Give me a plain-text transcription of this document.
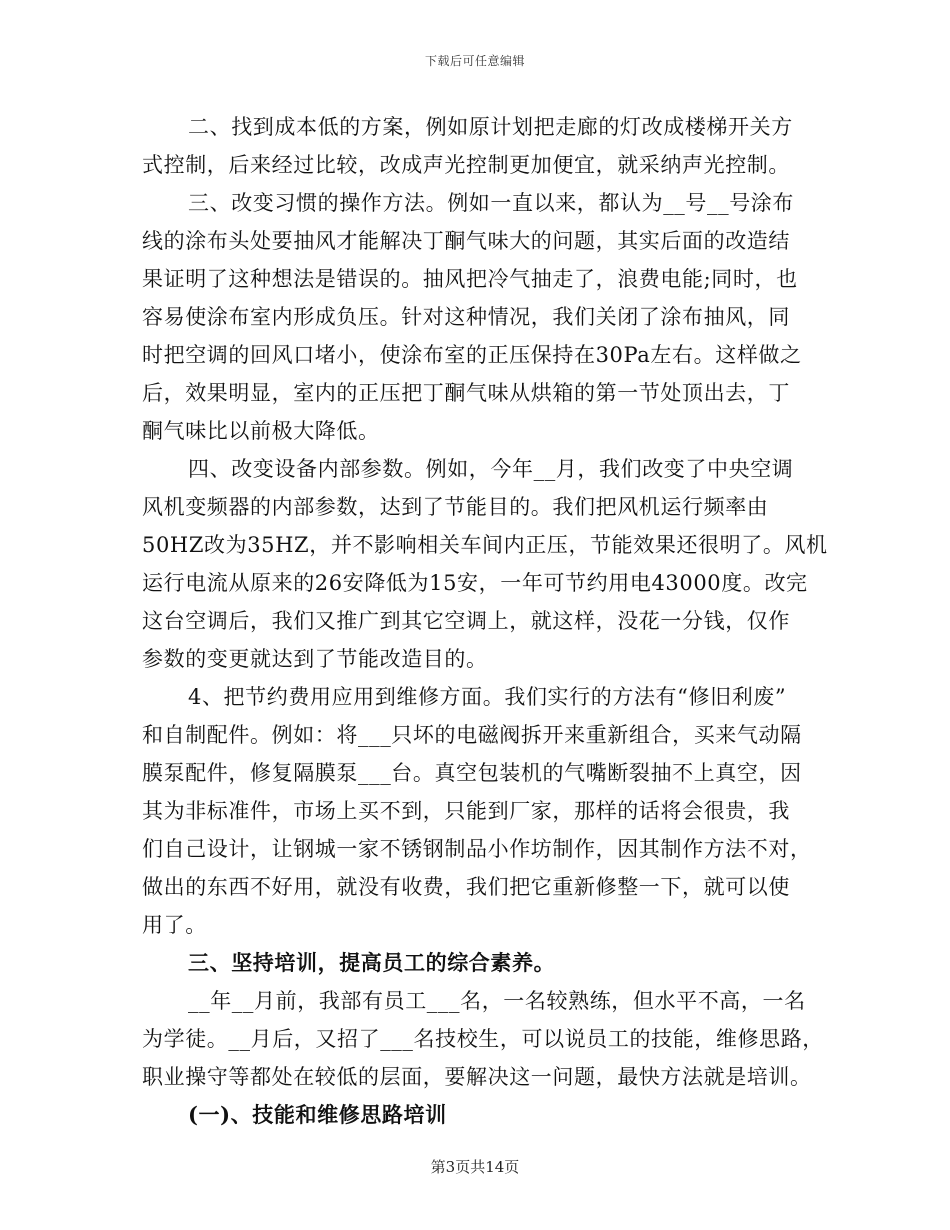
下载后可任意编辑
二、找到成本低的方案，例如原计划把走廊的灯改成楼梯开关方
式控制，后来经过比较，改成声光控制更加便宜，就采纳声光控制。
三、改变习惯的操作方法。例如一直以来，都认为__号__号涂布
线的涂布头处要抽风才能解决丁酮气味大的问题，其实后面的改造结
果证明了这种想法是错误的。抽风把冷气抽走了，浪费电能;同时，也
容易使涂布室内形成负压。针对这种情况，我们关闭了涂布抽风，同
时把空调的回风口堵小，使涂布室的正压保持在30Pa左右。这样做之
后，效果明显，室内的正压把丁酮气味从烘箱的第一节处顶出去，丁
酮气味比以前极大降低。
四、改变设备内部参数。例如，今年__月，我们改变了中央空调
风机变频器的内部参数，达到了节能目的。我们把风机运行频率由
50HZ改为35HZ，并不影响相关车间内正压，节能效果还很明了。风机
运行电流从原来的26安降低为15安，一年可节约用电43000度。改完
这台空调后，我们又推广到其它空调上，就这样，没花一分钱，仅作
参数的变更就达到了节能改造目的。
4、把节约费用应用到维修方面。我们实行的方法有“修旧利废”
和自制配件。例如：将___只坏的电磁阀拆开来重新组合，买来气动隔
膜泵配件，修复隔膜泵___台。真空包装机的气嘴断裂抽不上真空，因
其为非标准件，市场上买不到，只能到厂家，那样的话将会很贵，我
们自己设计，让钢城一家不锈钢制品小作坊制作，因其制作方法不对，
做出的东西不好用，就没有收费，我们把它重新修整一下，就可以使
用了。
三、坚持培训，提高员工的综合素养。
__年__月前，我部有员工___名，一名较熟练，但水平不高，一名
为学徒。__月后，又招了___名技校生，可以说员工的技能，维修思路，
职业操守等都处在较低的层面，要解决这一问题，最快方法就是培训。
(一)、技能和维修思路培训
第3页共14页
